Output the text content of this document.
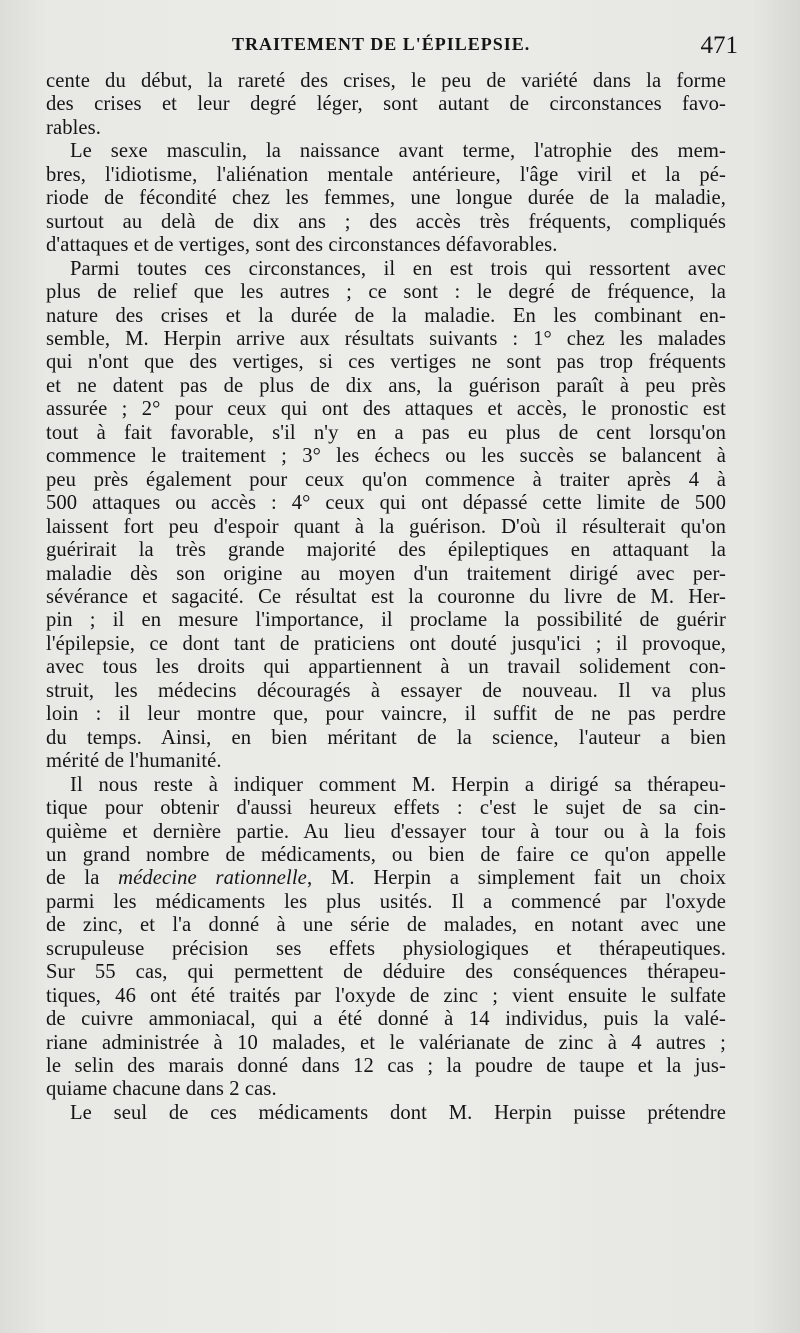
TRAITEMENT DE L'ÉPILEPSIE.	471
cente du début, la rareté des crises, le peu de variété dans la forme
des crises et leur degré léger, sont autant de circonstances favo-
rables.
Le sexe masculin, la naissance avant terme, l'atrophie des mem-
bres, l'idiotisme, l'aliénation mentale antérieure, l'âge viril et la pé-
riode de fécondité chez les femmes, une longue durée de la maladie,
surtout au delà de dix ans ; des accès très fréquents, compliqués
d'attaques et de vertiges, sont des circonstances défavorables.
Parmi toutes ces circonstances, il en est trois qui ressortent avec
plus de relief que les autres ; ce sont : le degré de fréquence, la
nature des crises et la durée de la maladie. En les combinant en-
semble, M. Herpin arrive aux résultats suivants : 1° chez les malades
qui n'ont que des vertiges, si ces vertiges ne sont pas trop fréquents
et ne datent pas de plus de dix ans, la guérison paraît à peu près
assurée ; 2° pour ceux qui ont des attaques et accès, le pronostic est
tout à fait favorable, s'il n'y en a pas eu plus de cent lorsqu'on
commence le traitement ; 3° les échecs ou les succès se balancent à
peu près également pour ceux qu'on commence à traiter après 4 à
500 attaques ou accès : 4° ceux qui ont dépassé cette limite de 500
laissent fort peu d'espoir quant à la guérison. D'où il résulterait qu'on
guérirait la très grande majorité des épileptiques en attaquant la
maladie dès son origine au moyen d'un traitement dirigé avec per-
sévérance et sagacité. Ce résultat est la couronne du livre de M. Her-
pin ; il en mesure l'importance, il proclame la possibilité de guérir
l'épilepsie, ce dont tant de praticiens ont douté jusqu'ici ; il provoque,
avec tous les droits qui appartiennent à un travail solidement con-
struit, les médecins découragés à essayer de nouveau. Il va plus
loin : il leur montre que, pour vaincre, il suffit de ne pas perdre
du temps. Ainsi, en bien méritant de la science, l'auteur a bien
mérité de l'humanité.
Il nous reste à indiquer comment M. Herpin a dirigé sa thérapeu-
tique pour obtenir d'aussi heureux effets : c'est le sujet de sa cin-
quième et dernière partie. Au lieu d'essayer tour à tour ou à la fois
un grand nombre de médicaments, ou bien de faire ce qu'on appelle
de la médecine rationnelle, M. Herpin a simplement fait un choix
parmi les médicaments les plus usités. Il a commencé par l'oxyde
de zinc, et l'a donné à une série de malades, en notant avec une
scrupuleuse précision ses effets physiologiques et thérapeutiques.
Sur 55 cas, qui permettent de déduire des conséquences thérapeu-
tiques, 46 ont été traités par l'oxyde de zinc ; vient ensuite le sulfate
de cuivre ammoniacal, qui a été donné à 14 individus, puis la valé-
riane administrée à 10 malades, et le valérianate de zinc à 4 autres ;
le selin des marais donné dans 12 cas ; la poudre de taupe et la jus-
quiame chacune dans 2 cas.
Le seul de ces médicaments dont M. Herpin puisse prétendre
